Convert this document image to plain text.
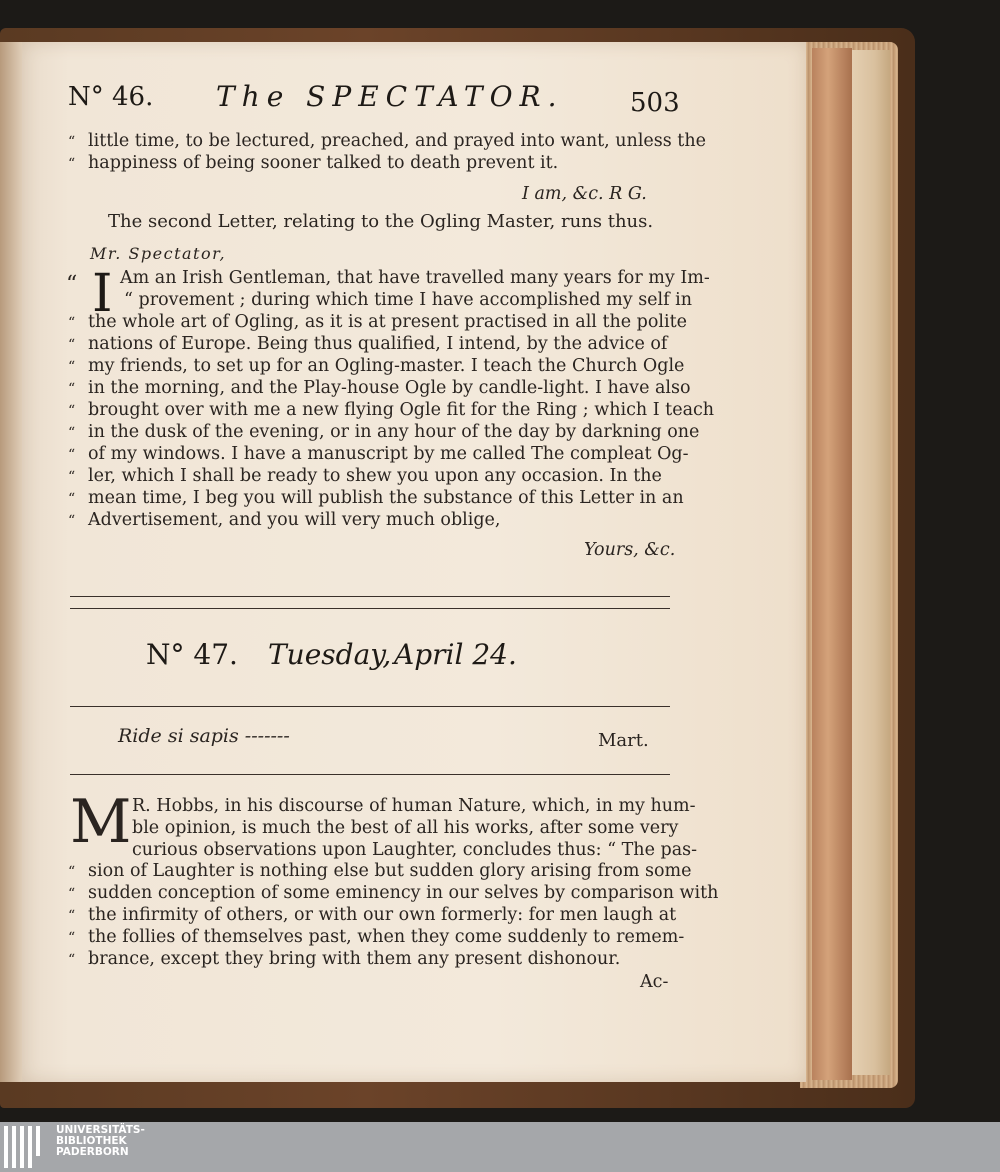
N° 46. The SPECTATOR.	503
“ little time, to be lectured, preached, and prayed into want, unless the
“ happiness of being sooner talked to death prevent it.
I am, &c. R G.
The second Letter, relating to the Ogling Master, runs thus.
Mr. Spectator,
“ I Am an Irish Gentleman, that have travelled many years for my Im-
“ provement ; during which time I have accomplished my self in
“ the whole art of Ogling, as it is at present practised in all the polite
“ nations of Europe. Being thus qualified, I intend, by the advice of
“ my friends, to set up for an Ogling-master. I teach the Church Ogle
“ in the morning, and the Play-house Ogle by candle-light. I have also
“ brought over with me a new flying Ogle fit for the Ring ; which I teach
“ in the dusk of the evening, or in any hour of the day by darkning one
“ of my windows. I have a manuscript by me called The compleat Og-
“ ler, which I shall be ready to shew you upon any occasion. In the
“ mean time, I beg you will publish the substance of this Letter in an
“ Advertisement, and you will very much oblige,
Yours, &c.
N° 47. Tuesday, April 24.
Ride si sapis -------	Mart.
M R. Hobbs, in his discourse of human Nature, which, in my hum-
ble opinion, is much the best of all his works, after some very
curious observations upon Laughter, concludes thus: “ The pas-
“ sion of Laughter is nothing else but sudden glory arising from some
“ sudden conception of some eminency in our selves by comparison with
“ the infirmity of others, or with our own formerly: for men laugh at
“ the follies of themselves past, when they come suddenly to remem-
“ brance, except they bring with them any present dishonour.
Ac-
UNIVERSITÄTS-
BIBLIOTHEK
PADERBORN
